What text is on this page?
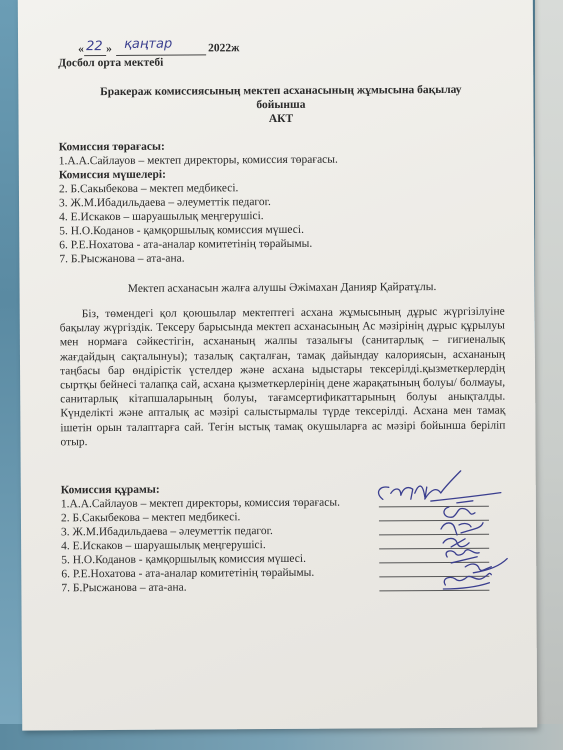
« 22 » қаңтар	2022ж
Досбол орта мектебі
Бракераж комиссиясының мектеп асханасының жұмысына бақылау
бойынша
АКТ
Комиссия төрағасы:
1.А.А.Сайлауов – мектеп директоры, комиссия төрағасы.
Комиссия мүшелері:
2. Б.Сакыбекова – мектеп медбикесі.
3. Ж.М.Ибадильдаева – әлеуметтік педагог.
4. Е.Искаков – шаруашылық меңгерушісі.
5. Н.О.Коданов - қамқоршылық комиссия мүшесі.
6. Р.Е.Нохатова - ата-аналар комитетінің төрайымы.
7. Б.Рысжанова – ата-ана.
Мектеп асханасын жалға алушы Әжімахан Данияр Қайратұлы.
Біз, төмендегі қол қоюшылар мектептегі асхана жұмысының дұрыс жүргізілуіне бақылау жүргіздік. Тексеру барысында мектеп асханасының Ас мәзірінің дұрыс құрылуы мен нормаға сәйкестігін, асхананың жалпы тазалығы (санитарлық – гигиеналық жағдайдың сақталынуы); тазалық сақталған, тамақ дайындау калориясын, асхананың таңбасы бар өндірістік үстелдер және асхана ыдыстары тексерілді.қызметкерлердің сыртқы бейнесі талапқа сай, асхана қызметкерлерінің дене жарақатының болуы/ болмауы, санитарлық кітапшаларының болуы, тағамсертификаттарының болуы анықталды. Күнделікті және апталық ас мәзірі салыстырмалы түрде тексерілді. Асхана мен тамақ ішетін орын талаптарға сай. Тегін ыстық тамақ окушыларға ас мәзірі бойынша беріліп отыр.
Комиссия құрамы:
1.А.А.Сайлауов – мектеп директоры, комиссия төрағасы.
2. Б.Сакыбекова – мектеп медбикесі.
3. Ж.М.Ибадильдаева – әлеуметтік педагог.
4. Е.Искаков – шаруашылық меңгерушісі.
5. Н.О.Коданов - қамқоршылық комиссия мүшесі.
6. Р.Е.Нохатова - ата-аналар комитетінің төрайымы.
7. Б.Рысжанова – ата-ана.
